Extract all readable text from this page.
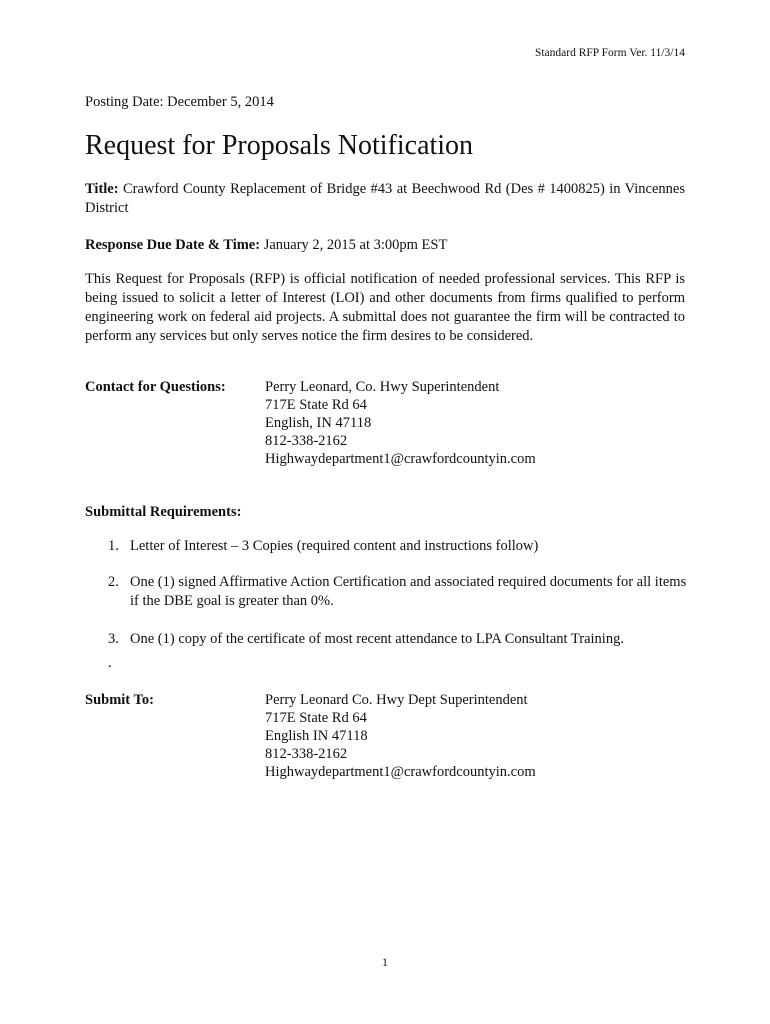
Standard RFP Form Ver. 11/3/14
Posting Date: December 5, 2014
Request for Proposals Notification
Title: Crawford County Replacement of Bridge #43 at Beechwood Rd (Des # 1400825) in Vincennes District
Response Due Date & Time: January 2, 2015 at 3:00pm EST
This Request for Proposals (RFP) is official notification of needed professional services. This RFP is being issued to solicit a letter of Interest (LOI) and other documents from firms qualified to perform engineering work on federal aid projects. A submittal does not guarantee the firm will be contracted to perform any services but only serves notice the firm desires to be considered.
Contact for Questions:	Perry Leonard, Co. Hwy Superintendent
717E State Rd 64
English, IN 47118
812-338-2162
Highwaydepartment1@crawfordcountyin.com
Submittal Requirements:
1. Letter of Interest – 3 Copies (required content and instructions follow)
2. One (1) signed Affirmative Action Certification and associated required documents for all items if the DBE goal is greater than 0%.
3. One (1) copy of the certificate of most recent attendance to LPA Consultant Training.
.
Submit To:	Perry Leonard Co. Hwy Dept Superintendent
717E State Rd 64
English IN 47118
812-338-2162
Highwaydepartment1@crawfordcountyin.com
1
